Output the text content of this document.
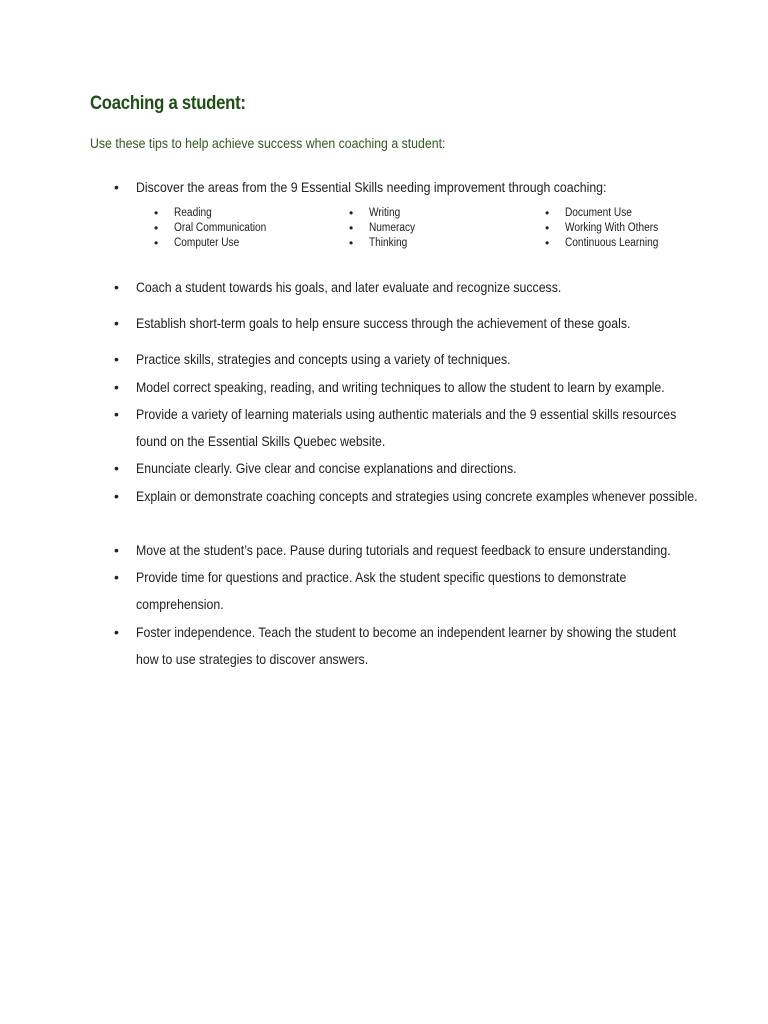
Coaching a student:
Use these tips to help achieve success when coaching a student:
•	Discover the areas from the 9 Essential Skills needing improvement through coaching:
• Reading
• Oral Communication
• Computer Use
• Writing
• Numeracy
• Thinking
• Document Use
• Working With Others
• Continuous Learning
•	Coach a student towards his goals, and later evaluate and recognize success.
•	Establish short-term goals to help ensure success through the achievement of these goals.
•	Practice skills, strategies and concepts using a variety of techniques.
•	Model correct speaking, reading, and writing techniques to allow the student to learn by example.
•	Provide a variety of learning materials using authentic materials and the 9 essential skills resources found on the Essential Skills Quebec website.
•	Enunciate clearly. Give clear and concise explanations and directions.
•	Explain or demonstrate coaching concepts and strategies using concrete examples whenever possible.
•	Move at the student’s pace. Pause during tutorials and request feedback to ensure understanding.
•	Provide time for questions and practice. Ask the student specific questions to demonstrate comprehension.
•	Foster independence. Teach the student to become an independent learner by showing the student how to use strategies to discover answers.
